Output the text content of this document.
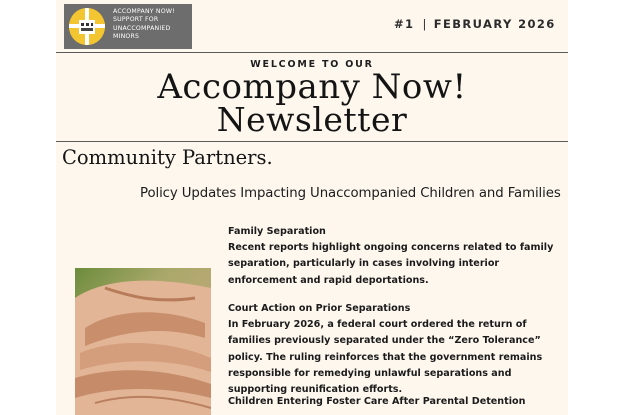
ACCOMPANY NOW!
SUPPORT FOR
UNACCOMPANIED
MINORS
#1 | FEBRUARY 2026
WELCOME TO OUR
Accompany Now!
Newsletter
Community Partners.
Policy Updates Impacting Unaccompanied Children and Families
Family Separation

Recent reports highlight ongoing concerns related to family separation, particularly in cases involving interior enforcement and rapid deportations.

Court Action on Prior Separations

In February 2026, a federal court ordered the return of families previously separated under the “Zero Tolerance” policy. The ruling reinforces that the government remains responsible for remedying unlawful separations and supporting reunification efforts.

Children Entering Foster Care After Parental Detention
